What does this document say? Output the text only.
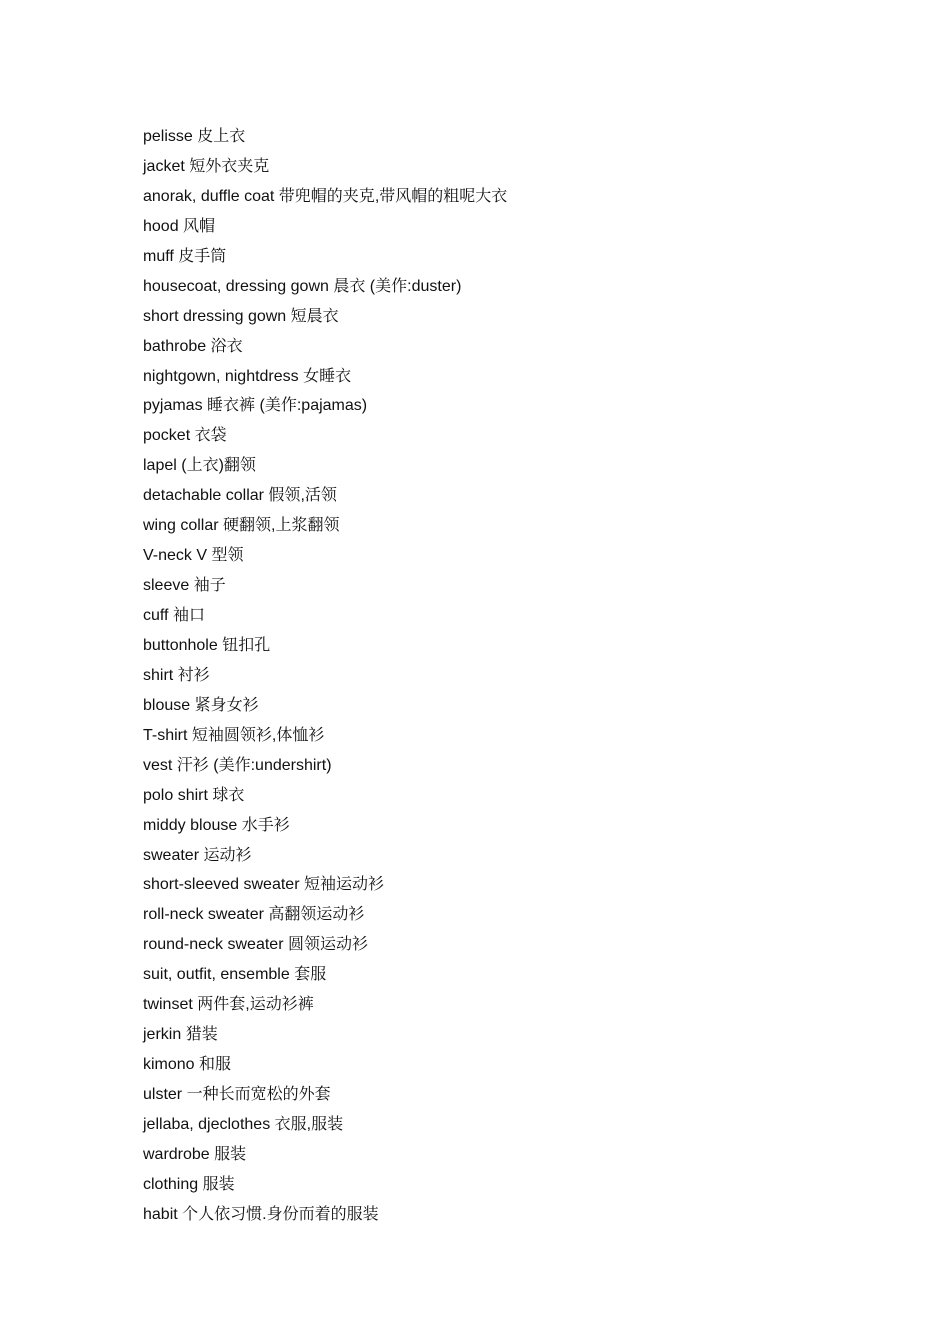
pelisse 皮上衣
jacket 短外衣夹克
anorak, duffle coat 带兜帽的夹克,带风帽的粗呢大衣
hood 风帽
muff 皮手筒
housecoat, dressing gown 晨衣 (美作:duster)
short dressing gown 短晨衣
bathrobe 浴衣
nightgown, nightdress 女睡衣
pyjamas 睡衣裤 (美作:pajamas)
pocket 衣袋
lapel (上衣)翻领
detachable collar 假领,活领
wing collar 硬翻领,上浆翻领
V-neck V 型领
sleeve 袖子
cuff 袖口
buttonhole 钮扣孔
shirt 衬衫
blouse 紧身女衫
T-shirt 短袖圆领衫,体恤衫
vest 汗衫 (美作:undershirt)
polo shirt 球衣
middy blouse 水手衫
sweater 运动衫
short-sleeved sweater 短袖运动衫
roll-neck sweater 高翻领运动衫
round-neck sweater 圆领运动衫
suit, outfit, ensemble 套服
twinset 两件套,运动衫裤
jerkin 猎装
kimono 和服
ulster 一种长而宽松的外套
jellaba, djeclothes 衣服,服装
wardrobe 服装
clothing 服装
habit 个人依习惯.身份而着的服装
